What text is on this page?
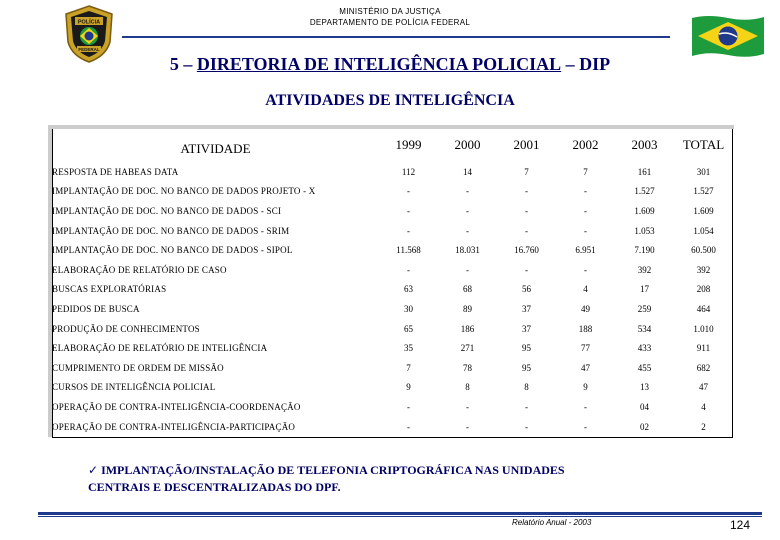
POLÍCIA
FEDERAL
MINISTÉRIO DA JUSTIÇA
DEPARTAMENTO DE POLÍCIA FEDERAL
5 – DIRETORIA DE INTELIGÊNCIA POLICIAL – DIP
ATIVIDADES DE INTELIGÊNCIA
ATIVIDADE	1999	2000	2001	2002	2003	TOTAL
RESPOSTA DE HABEAS DATA	112	14	7	7	161	301
IMPLANTAÇÃO DE DOC. NO BANCO DE DADOS PROJETO - X	-	-	-	-	1.527	1.527
IMPLANTAÇÃO DE DOC. NO BANCO DE DADOS - SCI	-	-	-	-	1.609	1.609
IMPLANTAÇÃO DE DOC. NO BANCO DE DADOS - SRIM	-	-	-	-	1.053	1.054
IMPLANTAÇÃO DE DOC. NO BANCO DE DADOS - SIPOL	11.568	18.031	16.760	6.951	7.190	60.500
ELABORAÇÃO DE RELATÓRIO DE CASO	-	-	-	-	392	392
BUSCAS EXPLORATÓRIAS	63	68	56	4	17	208
PEDIDOS DE BUSCA	30	89	37	49	259	464
PRODUÇÃO DE CONHECIMENTOS	65	186	37	188	534	1.010
ELABORAÇÃO DE RELATÓRIO DE INTELIGÊNCIA	35	271	95	77	433	911
CUMPRIMENTO DE ORDEM DE MISSÃO	7	78	95	47	455	682
CURSOS DE INTELIGÊNCIA POLICIAL	9	8	8	9	13	47
OPERAÇÃO DE CONTRA-INTELIGÊNCIA-COORDENAÇÃO	-	-	-	-	04	4
OPERAÇÃO DE CONTRA-INTELIGÊNCIA-PARTICIPAÇÃO	-	-	-	-	02	2
✓ IMPLANTAÇÃO/INSTALAÇÃO DE TELEFONIA CRIPTOGRÁFICA NAS UNIDADES
CENTRAIS E DESCENTRALIZADAS DO DPF.
Relatório Anual - 2003	124
